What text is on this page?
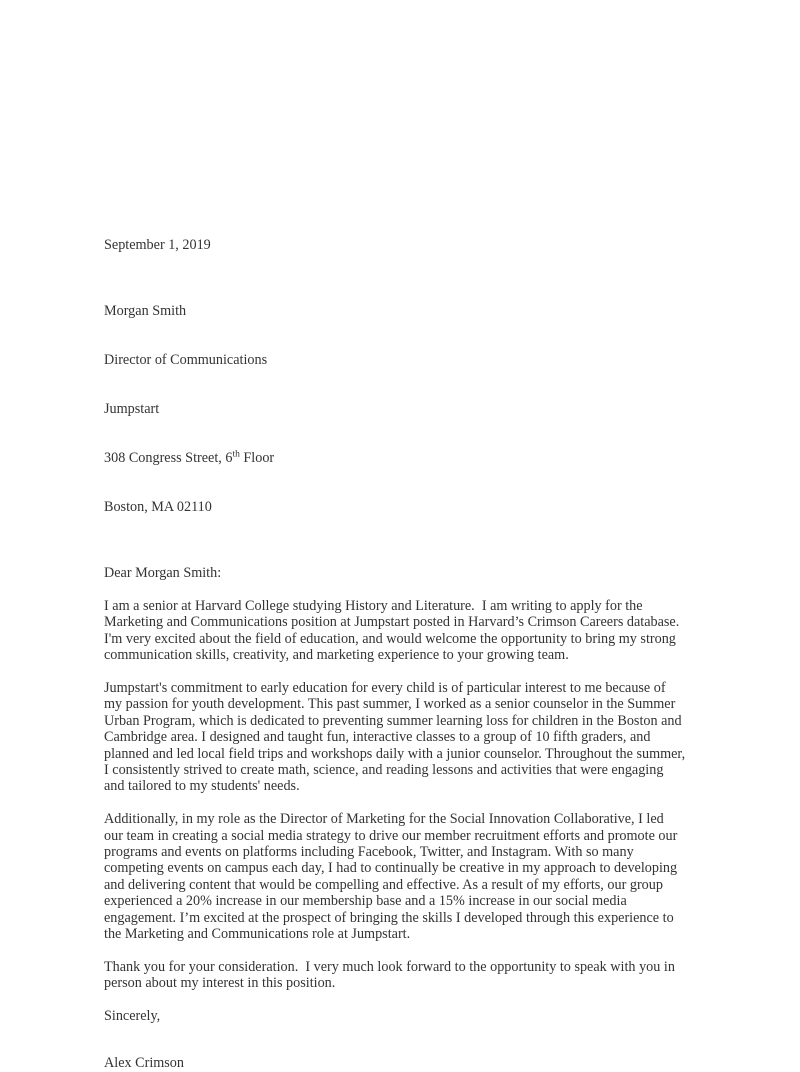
September 1, 2019

Morgan Smith

Director of Communications

Jumpstart

308 Congress Street, 6th Floor

Boston, MA 02110

Dear Morgan Smith:

I am a senior at Harvard College studying History and Literature.  I am writing to apply for the Marketing and Communications position at Jumpstart posted in Harvard’s Crimson Careers database.  I'm very excited about the field of education, and would welcome the opportunity to bring my strong communication skills, creativity, and marketing experience to your growing team.

Jumpstart's commitment to early education for every child is of particular interest to me because of my passion for youth development. This past summer, I worked as a senior counselor in the Summer Urban Program, which is dedicated to preventing summer learning loss for children in the Boston and Cambridge area. I designed and taught fun, interactive classes to a group of 10 fifth graders, and planned and led local field trips and workshops daily with a junior counselor. Throughout the summer, I consistently strived to create math, science, and reading lessons and activities that were engaging and tailored to my students' needs.

Additionally, in my role as the Director of Marketing for the Social Innovation Collaborative, I led our team in creating a social media strategy to drive our member recruitment efforts and promote our programs and events on platforms including Facebook, Twitter, and Instagram. With so many competing events on campus each day, I had to continually be creative in my approach to developing and delivering content that would be compelling and effective. As a result of my efforts, our group experienced a 20% increase in our membership base and a 15% increase in our social media engagement. I’m excited at the prospect of bringing the skills I developed through this experience to the Marketing and Communications role at Jumpstart.

Thank you for your consideration.  I very much look forward to the opportunity to speak with you in person about my interest in this position.

Sincerely,

Alex Crimson
